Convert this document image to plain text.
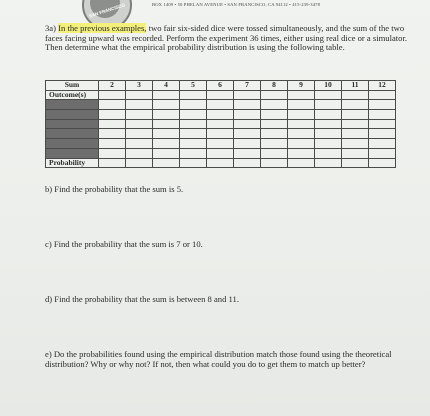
SAN FRANCISCO	BOX 1409 • 50 PHELAN AVENUE • SAN FRANCISCO, CA 94112 • 415-239-3478

3a) In the previous examples, two fair six-sided dice were tossed simultaneously, and the sum of the two faces facing upward was recorded. Perform the experiment 36 times, either using real dice or a simulator. Then determine what the empirical probability distribution is using the following table.

Sum	2	3	4	5	6	7	8	9	10	11	12
Outcome(s)											

Probability											

b) Find the probability that the sum is 5.

c) Find the probability that the sum is 7 or 10.

d) Find the probability that the sum is between 8 and 11.

e) Do the probabilities found using the empirical distribution match those found using the theoretical distribution? Why or why not? If not, then what could you do to get them to match up better?
